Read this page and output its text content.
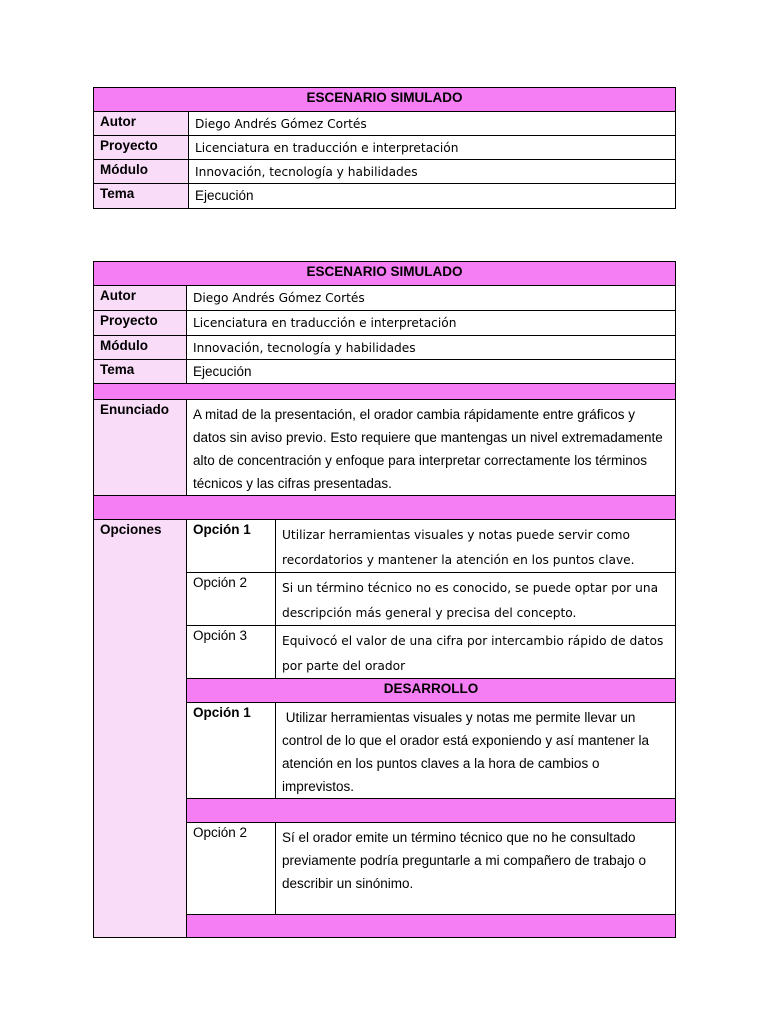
ESCENARIO SIMULADO	
Autor	Diego Andrés Gómez Cortés
Proyecto	Licenciatura en traducción e interpretación
Módulo	Innovación, tecnología y habilidades
Tema	Ejecución
ESCENARIO SIMULADO		
Autor	Diego Andrés Gómez Cortés	
Proyecto	Licenciatura en traducción e interpretación	
Módulo	Innovación, tecnología y habilidades	
Tema	Ejecución	

Enunciado	A mitad de la presentación, el orador cambia rápidamente entre gráficos y datos sin aviso previo. Esto requiere que mantengas un nivel extremadamente alto de concentración y enfoque para interpretar correctamente los términos técnicos y las cifras presentadas.	

Opciones	Opción 1	Utilizar herramientas visuales y notas puede servir como recordatorios y mantener la atención en los puntos clave.
	Opción 2	Si un término técnico no es conocido, se puede optar por una descripción más general y precisa del concepto.
	Opción 3	Equivocó el valor de una cifra por intercambio rápido de datos por parte del orador
	DESARROLLO	
	Opción 1	Utilizar herramientas visuales y notas me permite llevar un control de lo que el orador está exponiendo y así mantener la atención en los puntos claves a la hora de cambios o imprevistos.

	Opción 2	Sí el orador emite un término técnico que no he consultado previamente podría preguntarle a mi compañero de trabajo o describir un sinónimo.
